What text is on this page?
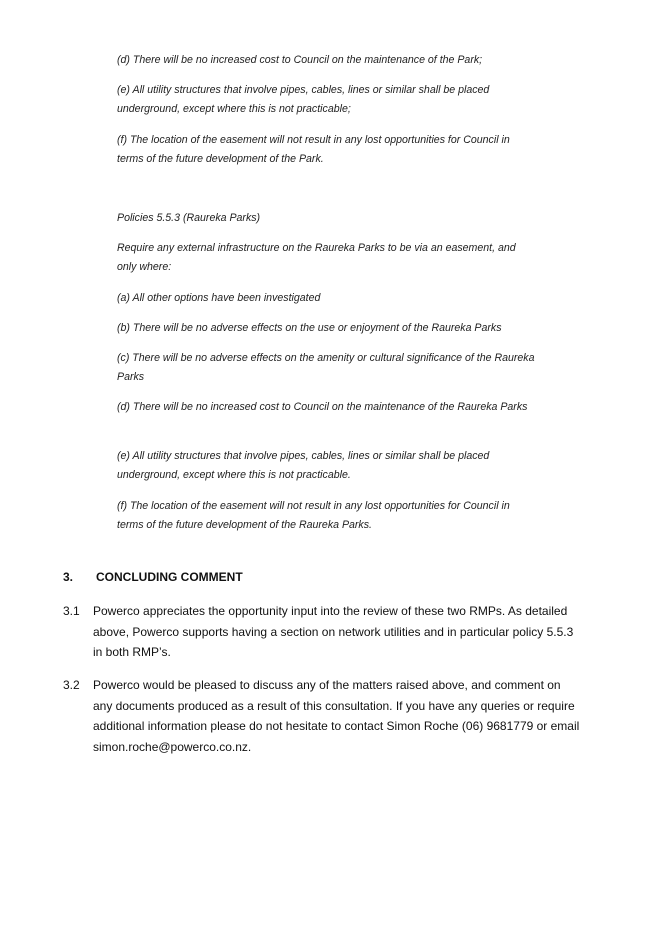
(d) There will be no increased cost to Council on the maintenance of the Park;

(e) All utility structures that involve pipes, cables, lines or similar shall be placed underground, except where this is not practicable;

(f) The location of the easement will not result in any lost opportunities for Council in terms of the future development of the Park.

Policies 5.5.3 (Raureka Parks)

Require any external infrastructure on the Raureka Parks to be via an easement, and only where:

(a) All other options have been investigated

(b) There will be no adverse effects on the use or enjoyment of the Raureka Parks

(c) There will be no adverse effects on the amenity or cultural significance of the Raureka Parks

(d) There will be no increased cost to Council on the maintenance of the Raureka Parks

(e) All utility structures that involve pipes, cables, lines or similar shall be placed underground, except where this is not practicable.

(f) The location of the easement will not result in any lost opportunities for Council in terms of the future development of the Raureka Parks.

3. CONCLUDING COMMENT
3.1	Powerco appreciates the opportunity input into the review of these two RMPs. As detailed above, Powerco supports having a section on network utilities and in particular policy 5.5.3 in both RMP’s.
3.2	Powerco would be pleased to discuss any of the matters raised above, and comment on any documents produced as a result of this consultation. If you have any queries or require additional information please do not hesitate to contact Simon Roche (06) 9681779 or email simon.roche@powerco.co.nz.
